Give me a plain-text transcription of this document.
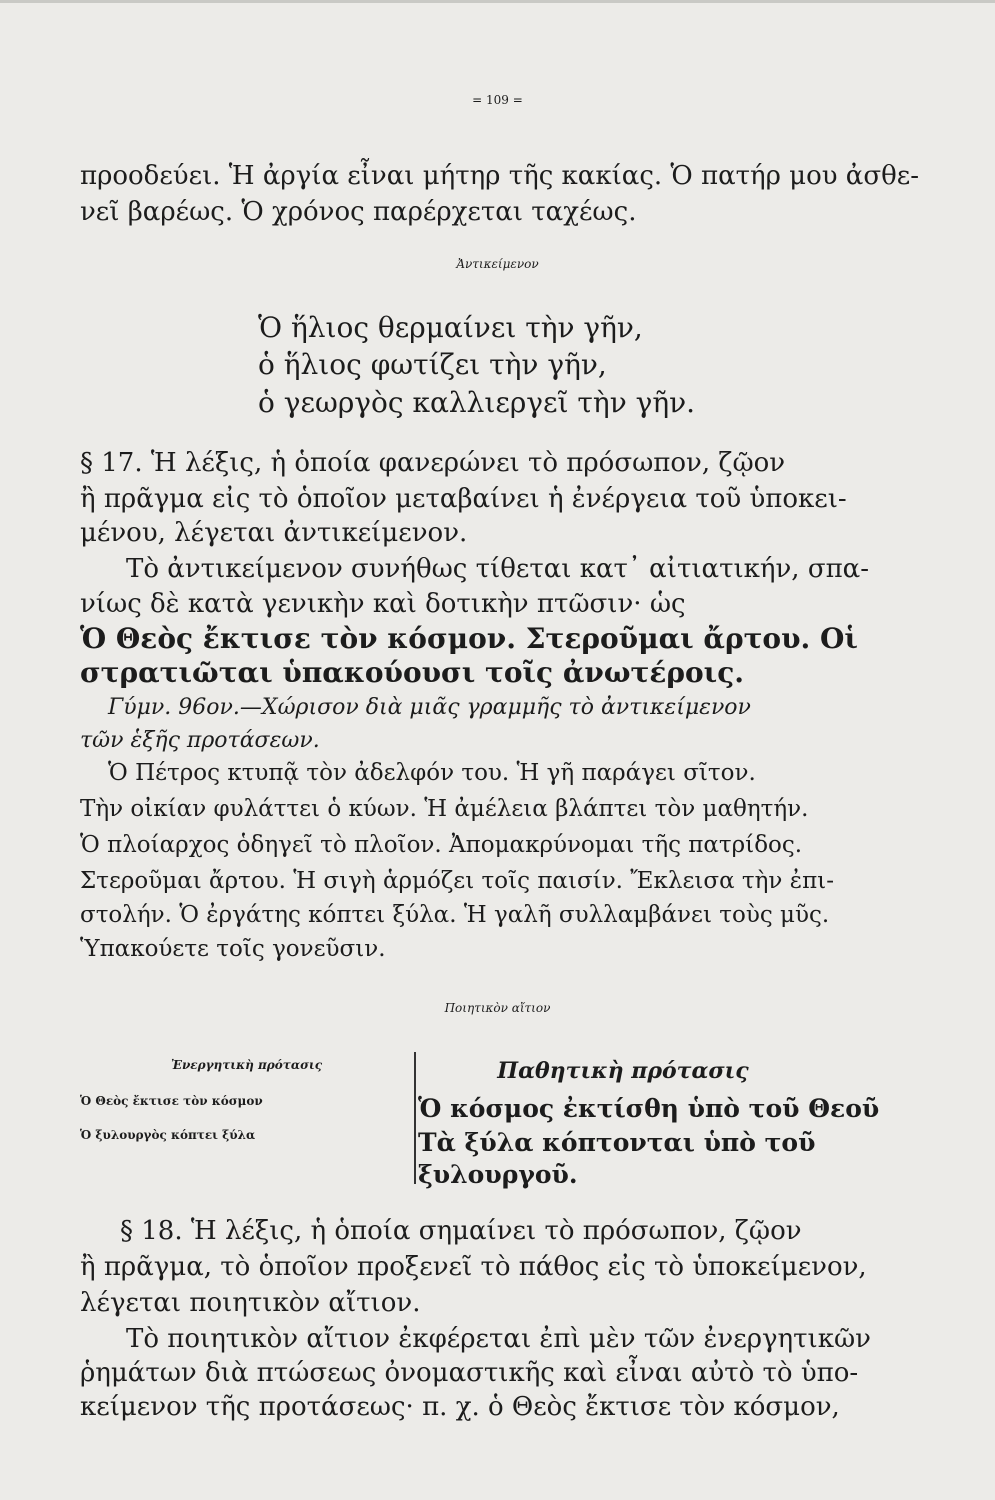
= 109 =
προοδεύει. Ἡ ἀργία εἶναι μήτηρ τῆς κακίας. Ὁ πατήρ μου ἀσθε-
νεῖ βαρέως. Ὁ χρόνος παρέρχεται ταχέως.
Ἀντικείμενον
Ὁ ἥλιος θερμαίνει τὴν γῆν,
ὁ ἥλιος φωτίζει τὴν γῆν,
ὁ γεωργὸς καλλιεργεῖ τὴν γῆν.
§ 17. Ἡ λέξις, ἡ ὁποία φανερώνει τὸ πρόσωπον, ζῷον
ἢ πρᾶγμα εἰς τὸ ὁποῖον μεταβαίνει ἡ ἐνέργεια τοῦ ὑποκει-
μένου, λέγεται ἀντικείμενον.
Τὸ ἀντικείμενον συνήθως τίθεται κατ᾽ αἰτιατικήν, σπα-
νίως δὲ κατὰ γενικὴν καὶ δοτικὴν πτῶσιν· ὡς
Ὁ Θεὸς ἔκτισε τὸν κόσμον. Στεροῦμαι ἄρτου. Οἱ
στρατιῶται ὑπακούουσι τοῖς ἀνωτέροις.
Γύμν. 96ον.—Χώρισον διὰ μιᾶς γραμμῆς τὸ ἀντικείμενον
τῶν ἑξῆς προτάσεων.
Ὁ Πέτρος κτυπᾷ τὸν ἀδελφόν του. Ἡ γῆ παράγει σῖτον.
Τὴν οἰκίαν φυλάττει ὁ κύων. Ἡ ἀμέλεια βλάπτει τὸν μαθητήν.
Ὁ πλοίαρχος ὁδηγεῖ τὸ πλοῖον. Ἀπομακρύνομαι τῆς πατρίδος.
Στεροῦμαι ἄρτου. Ἡ σιγὴ ἁρμόζει τοῖς παισίν. Ἔκλεισα τὴν ἐπι-
στολήν. Ὁ ἐργάτης κόπτει ξύλα. Ἡ γαλῆ συλλαμβάνει τοὺς μῦς.
Ὑπακούετε τοῖς γονεῦσιν.
Ποιητικὸν αἴτιον
Ἐνεργητικὴ πρότασις	Παθητικὴ πρότασις
Ὁ Θεὸς ἔκτισε τὸν κόσμον
Ὁ ξυλουργὸς κόπτει ξύλα
Ὁ κόσμος ἐκτίσθη ὑπὸ τοῦ Θεοῦ
Τὰ ξύλα κόπτονται ὑπὸ τοῦ
ξυλουργοῦ.
§ 18. Ἡ λέξις, ἡ ὁποία σημαίνει τὸ πρόσωπον, ζῷον
ἢ πρᾶγμα, τὸ ὁποῖον προξενεῖ τὸ πάθος εἰς τὸ ὑποκείμενον,
λέγεται ποιητικὸν αἴτιον.
Τὸ ποιητικὸν αἴτιον ἐκφέρεται ἐπὶ μὲν τῶν ἐνεργητικῶν
ῥημάτων διὰ πτώσεως ὀνομαστικῆς καὶ εἶναι αὐτὸ τὸ ὑπο-
κείμενον τῆς προτάσεως· π. χ. ὁ Θεὸς ἔκτισε τὸν κόσμον,
